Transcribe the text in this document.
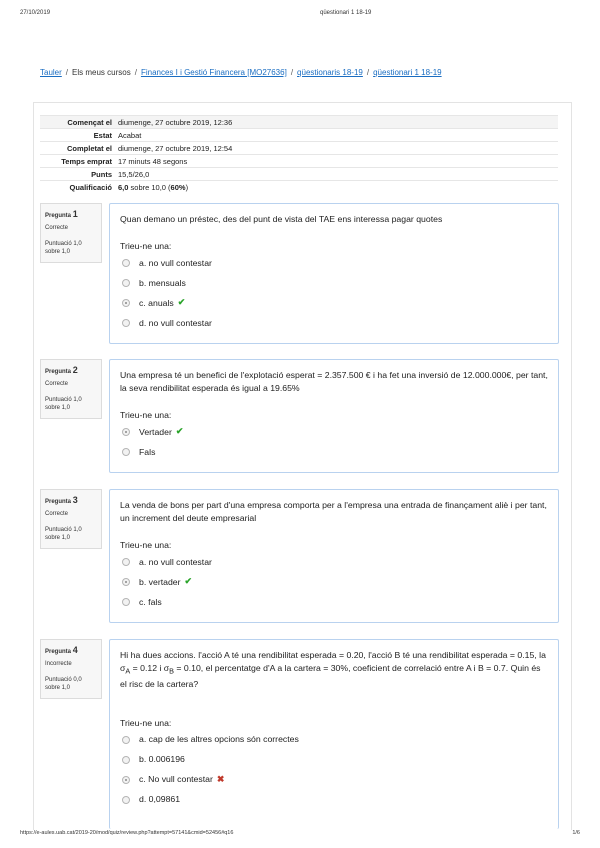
27/10/2019	qüestionari 1 18-19
Tauler / Els meus cursos / Finances I i Gestió Financera [MO27636] / qüestionaris 18-19 / qüestionari 1 18-19
Començat el	diumenge, 27 octubre 2019, 12:36
Estat	Acabat
Completat el	diumenge, 27 octubre 2019, 12:54
Temps emprat	17 minuts 48 segons
Punts	15,5/26,0
Qualificació	6,0 sobre 10,0 (60%)
Pregunta 1
Correcte
Puntuació 1,0 sobre 1,0
Quan demano un préstec, des del punt de vista del TAE ens interessa pagar quotes
Trieu-ne una:
a. no vull contestar
b. mensuals
c. anuals ✔
d. no vull contestar
Pregunta 2
Correcte
Puntuació 1,0 sobre 1,0
Una empresa té un benefici de l'explotació esperat = 2.357.500 € i ha fet una inversió de 12.000.000€, per tant, la seva rendibilitat esperada és igual a 19.65%
Trieu-ne una:
Vertader ✔
Fals
Pregunta 3
Correcte
Puntuació 1,0 sobre 1,0
La venda de bons per part d'una empresa comporta per a l'empresa una entrada de finançament aliè i per tant, un increment del deute empresarial
Trieu-ne una:
a. no vull contestar
b. vertader ✔
c. fals
Pregunta 4
Incorrecte
Puntuació 0,0 sobre 1,0
Hi ha dues accions. l'acció A té una rendibilitat esperada = 0.20, l'acció B té una rendibilitat esperada = 0.15, la $\sigma_A = 0.12$ i $\sigma_B = 0.10$, el percentatge d'A a la cartera = 30%, coeficient de correlació entre A i B = 0.7. Quin és el risc de la cartera?
Trieu-ne una:
a. cap de les altres opcions són correctes
b. 0.006196
c. No vull contestar ✖
d. 0,09861
https://e-aules.uab.cat/2019-20/mod/quiz/review.php?attempt=57141&cmid=52456#q16	1/6
